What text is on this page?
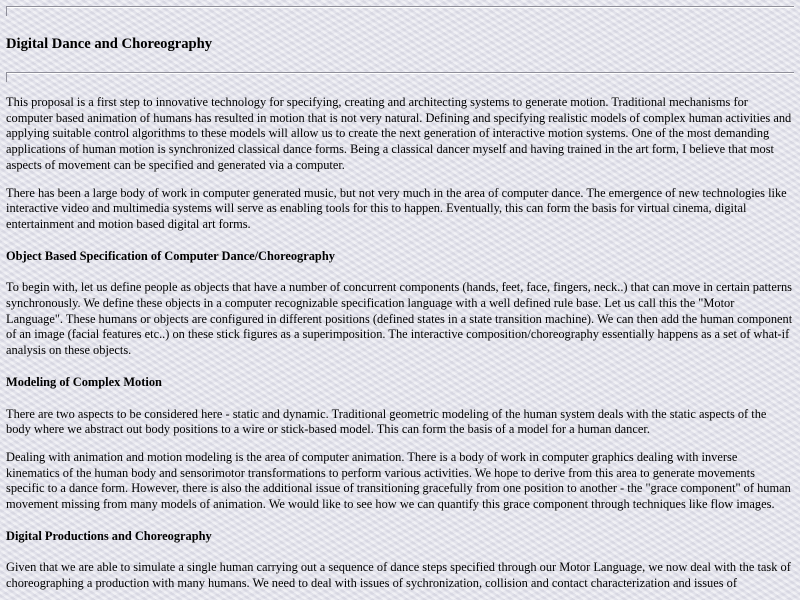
Digital Dance and Choreography

This proposal is a first step to innovative technology for specifying, creating and architecting systems to generate motion. Traditional mechanisms for computer based animation of humans has resulted in motion that is not very natural. Defining and specifying realistic models of complex human activities and applying suitable control algorithms to these models will allow us to create the next generation of interactive motion systems. One of the most demanding applications of human motion is synchronized classical dance forms. Being a classical dancer myself and having trained in the art form, I believe that most aspects of movement can be specified and generated via a computer.

There has been a large body of work in computer generated music, but not very much in the area of computer dance. The emergence of new technologies like interactive video and multimedia systems will serve as enabling tools for this to happen. Eventually, this can form the basis for virtual cinema, digital entertainment and motion based digital art forms.

Object Based Specification of Computer Dance/Choreography

To begin with, let us define people as objects that have a number of concurrent components (hands, feet, face, fingers, neck..) that can move in certain patterns synchronously. We define these objects in a computer recognizable specification language with a well defined rule base. Let us call this the "Motor Language". These humans or objects are configured in different positions (defined states in a state transition machine). We can then add the human component of an image (facial features etc..) on these stick figures as a superimposition. The interactive composition/choreography essentially happens as a set of what-if analysis on these objects.

Modeling of Complex Motion

There are two aspects to be considered here - static and dynamic. Traditional geometric modeling of the human system deals with the static aspects of the body where we abstract out body positions to a wire or stick-based model. This can form the basis of a model for a human dancer.

Dealing with animation and motion modeling is the area of computer animation. There is a body of work in computer graphics dealing with inverse kinematics of the human body and sensorimotor transformations to perform various activities. We hope to derive from this area to generate movements specific to a dance form. However, there is also the additional issue of transitioning gracefully from one position to another - the "grace component" of human movement missing from many models of animation. We would like to see how we can quantify this grace component through techniques like flow images.

Digital Productions and Choreography

Given that we are able to simulate a single human carrying out a sequence of dance steps specified through our Motor Language, we now deal with the task of choreographing a production with many humans. We need to deal with issues of sychronization, collision and contact characterization and issues of
